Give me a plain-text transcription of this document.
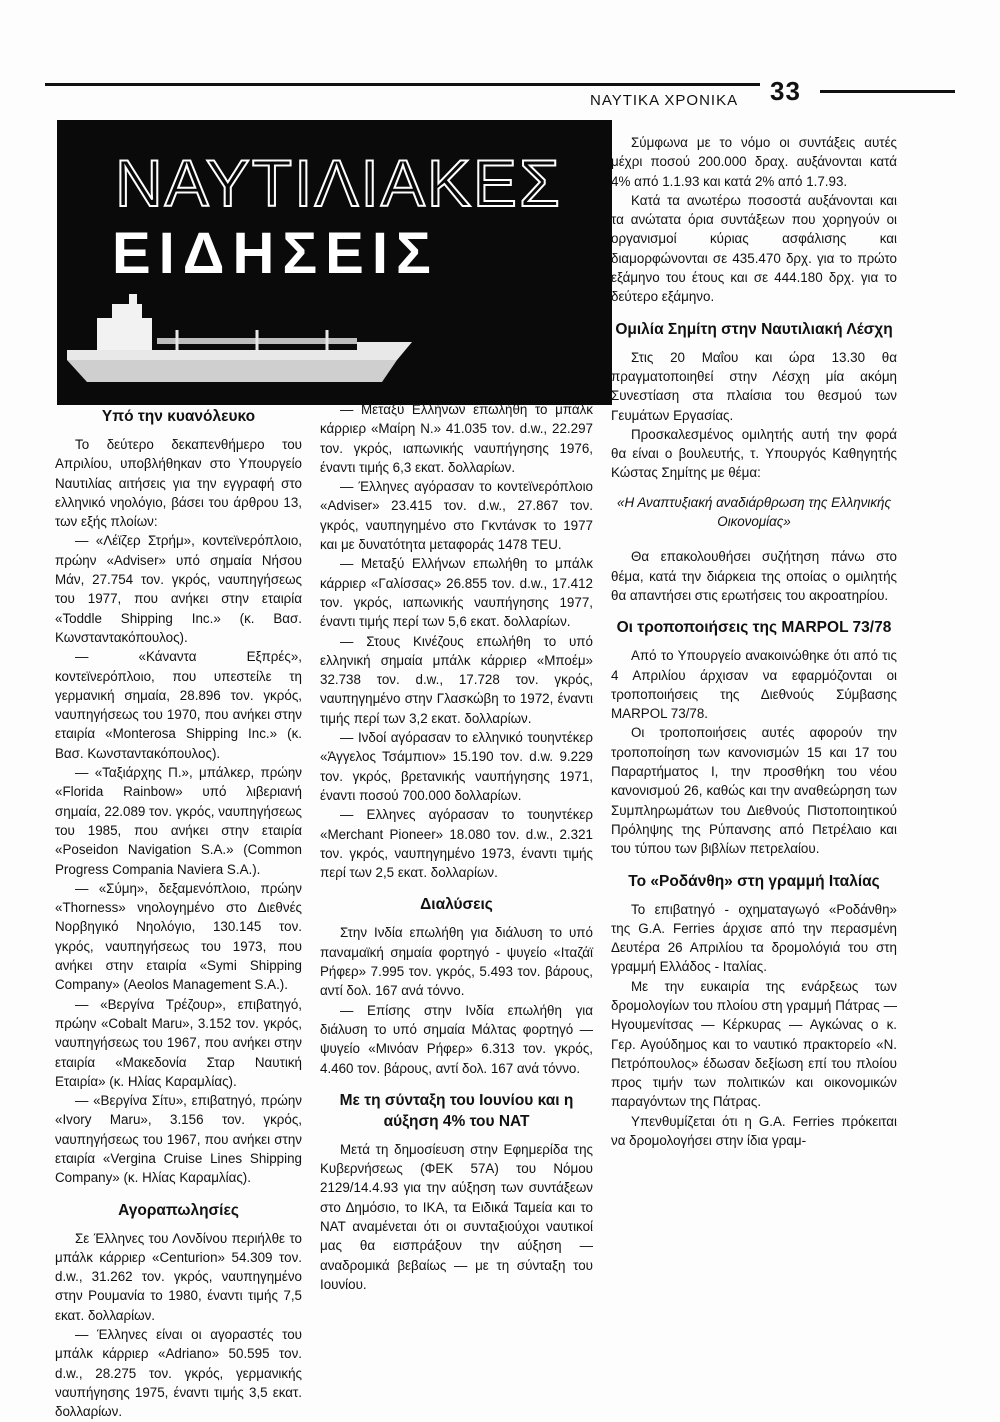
ΝΑΥΤΙΚΑ ΧΡΟΝΙΚΑ 33
ΝΑΥΤΙΛΙΑΚΕΣ
ΕΙΔΗΣΕΙΣ
Υπό την κυανόλευκο

Το δεύτερο δεκαπενθήμερο του Απριλίου, υποβλήθηκαν στο Υπουργείο Ναυτιλίας αιτήσεις για την εγγραφή στο ελληνικό νηολόγιο, βάσει του άρθρου 13, των εξής πλοίων:

— «Λέϊζερ Στρήμ», κοντεϊνερόπλοιο, πρώην «Adviser» υπό σημαία Νήσου Μάν, 27.754 τον. γκρός, ναυπηγήσεως του 1977, που ανήκει στην εταιρία «Toddle Shipping Inc.» (κ. Βασ. Κωνσταντακόπουλος).

— «Κάναντα Εξπρές», κοντεϊνερόπλοιο, που υπεστείλε τη γερμανική σημαία, 28.896 τον. γκρός, ναυπηγήσεως του 1970, που ανήκει στην εταιρία «Monterosa Shipping Inc.» (κ. Βασ. Κωνσταντακόπουλος).

— «Ταξιάρχης Π.», μπάλκερ, πρώην «Florida Rainbow» υπό λιβεριανή σημαία, 22.089 τον. γκρός, ναυπηγήσεως του 1985, που ανήκει στην εταιρία «Poseidon Navigation S.A.» (Common Progress Compania Naviera S.A.).

— «Σύμη», δεξαμενόπλοιο, πρώην «Thorness» νηολογημένο στο Διεθνές Νορβηγικό Νηολόγιο, 130.145 τον. γκρός, ναυπηγήσεως του 1973, που ανήκει στην εταιρία «Symi Shipping Company» (Aeolos Management S.A.).

— «Βεργίνα Τρέζουρ», επιβατηγό, πρώην «Cobalt Maru», 3.152 τον. γκρός, ναυπηγήσεως του 1967, που ανήκει στην εταιρία «Μακεδονία Σταρ Ναυτική Εταιρία» (κ. Ηλίας Καραμλίας).

— «Βεργίνα Σίτυ», επιβατηγό, πρώην «Ivory Maru», 3.156 τον. γκρός, ναυπηγήσεως του 1967, που ανήκει στην εταιρία «Vergina Cruise Lines Shipping Company» (κ. Ηλίας Καραμλίας).

Αγοραπωλησίες

Σε Έλληνες του Λονδίνου περιήλθε το μπάλκ κάρριερ «Centurion» 54.309 τον. d.w., 31.262 τον. γκρός, ναυπηγημένο στην Ρουμανία το 1980, έναντι τιμής 7,5 εκατ. δολλαρίων.

— Έλληνες είναι οι αγοραστές του μπάλκ κάρριερ «Adriano» 50.595 τον. d.w., 28.275 τον. γκρός, γερμανικής ναυπήγησης 1975, έναντι τιμής 3,5 εκατ. δολλαρίων.

— Μεταξύ Ελλήνων επωλήθη το μπάλκ κάρριερ «Μαίρη Ν.» 41.035 τον. d.w., 22.297 τον. γκρός, ιαπωνικής ναυπήγησης 1976, έναντι τιμής 6,3 εκατ. δολλαρίων.

— Έλληνες αγόρασαν το κοντεϊνερόπλοιο «Adviser» 23.415 τον. d.w., 27.867 τον. γκρός, ναυπηγημένο στο Γκντάνσκ το 1977 και με δυνατότητα μεταφοράς 1478 TEU.

— Μεταξύ Ελλήνων επωλήθη το μπάλκ κάρριερ «Γαλίσσας» 26.855 τον. d.w., 17.412 τον. γκρός, ιαπωνικής ναυπήγησης 1977, έναντι τιμής περί των 5,6 εκατ. δολλαρίων.

— Στους Κινέζους επωλήθη το υπό ελληνική σημαία μπάλκ κάρριερ «Μποέμ» 32.738 τον. d.w., 17.728 τον. γκρός, ναυπηγημένο στην Γλασκώβη το 1972, έναντι τιμής περί των 3,2 εκατ. δολλαρίων.

— Ινδοί αγόρασαν το ελληνικό τουηντέκερ «Άγγελος Τσάμπιον» 15.190 τον. d.w. 9.229 τον. γκρός, βρετανικής ναυπήγησης 1971, έναντι ποσού 700.000 δολλαρίων.

— Ελληνες αγόρασαν το τουηντέκερ «Merchant Pioneer» 18.080 τον. d.w., 2.321 τον. γκρός, ναυπηγημένο 1973, έναντι τιμής περί των 2,5 εκατ. δολλαρίων.

Διαλύσεις

Στην Ινδία επωλήθη για διάλυση το υπό παναμαϊκή σημαία φορτηγό - ψυγείο «Ιταζάϊ Ρήφερ» 7.995 τον. γκρός, 5.493 τον. βάρους, αντί δολ. 167 ανά τόννο.

— Επίσης στην Ινδία επωλήθη για διάλυση το υπό σημαία Μάλτας φορτηγό — ψυγείο «Μινόαν Ρήφερ» 6.313 τον. γκρός, 4.460 τον. βάρους, αντί δολ. 167 ανά τόννο.

Με τη σύνταξη του Ιουνίου και η αύξηση 4% του ΝΑΤ

Μετά τη δημοσίευση στην Εφημερίδα της Κυβερνήσεως (ΦΕΚ 57Α) του Νόμου 2129/14.4.93 για την αύξηση των συντάξεων στο Δημόσιο, το ΙΚΑ, τα Ειδικά Ταμεία και το ΝΑΤ αναμένεται ότι οι συνταξιούχοι ναυτικοί μας θα εισπράξουν την αύξηση — αναδρομικά βεβαίως — με τη σύνταξη του Ιουνίου.

Σύμφωνα με το νόμο οι συντάξεις αυτές μέχρι ποσού 200.000 δραχ. αυξάνονται κατά 4% από 1.1.93 και κατά 2% από 1.7.93.

Κατά τα ανωτέρω ποσοστά αυξάνονται και τα ανώτατα όρια συντάξεων που χορηγούν οι οργανισμοί κύριας ασφάλισης και διαμορφώνονται σε 435.470 δρχ. για το πρώτο εξάμηνο του έτους και σε 444.180 δρχ. για το δεύτερο εξάμηνο.

Ομιλία Σημίτη στην Ναυτιλιακή Λέσχη

Στις 20 Μαΐου και ώρα 13.30 θα πραγματοποιηθεί στην Λέσχη μία ακόμη Συνεστίαση στα πλαίσια του θεσμού των Γευμάτων Εργασίας.

Προσκαλεσμένος ομιλητής αυτή την φορά θα είναι ο βουλευτής, τ. Υπουργός Καθηγητής Κώστας Σημίτης με θέμα:

«Η Αναπτυξιακή αναδιάρθρωση της Ελληνικής Οικονομίας»

Θα επακολουθήσει συζήτηση πάνω στο θέμα, κατά την διάρκεια της οποίας ο ομιλητής θα απαντήσει στις ερωτήσεις του ακροατηρίου.

Οι τροποποιήσεις της MARPOL 73/78

Από το Υπουργείο ανακοινώθηκε ότι από τις 4 Απριλίου άρχισαν να εφαρμόζονται οι τροποποιήσεις της Διεθνούς Σύμβασης MARPOL 73/78.

Οι τροποποιήσεις αυτές αφορούν την τροποποίηση των κανονισμών 15 και 17 του Παραρτήματος Ι, την προσθήκη του νέου κανονισμού 26, καθώς και την αναθεώρηση των Συμπληρωμάτων του Διεθνούς Πιστοποιητικού Πρόληψης της Ρύπανσης από Πετρέλαιο και του τύπου των βιβλίων πετρελαίου.

Το «Ροδάνθη» στη γραμμή Ιταλίας

Το επιβατηγό - οχηματαγωγό «Ροδάνθη» της G.A. Ferries άρχισε από την περασμένη Δευτέρα 26 Απριλίου τα δρομολόγιά του στη γραμμή Ελλάδος - Ιταλίας.

Με την ευκαιρία της ενάρξεως των δρομολογίων του πλοίου στη γραμμή Πάτρας — Ηγουμενίτσας — Κέρκυρας — Αγκώνας ο κ. Γερ. Αγούδημος και το ναυτικό πρακτορείο «Ν. Πετρόπουλος» έδωσαν δεξίωση επί του πλοίου προς τιμήν των πολιτικών και οικονομικών παραγόντων της Πάτρας.

Υπενθυμίζεται ότι η G.A. Ferries πρόκειται να δρομολογήσει στην ίδια γραμ-
